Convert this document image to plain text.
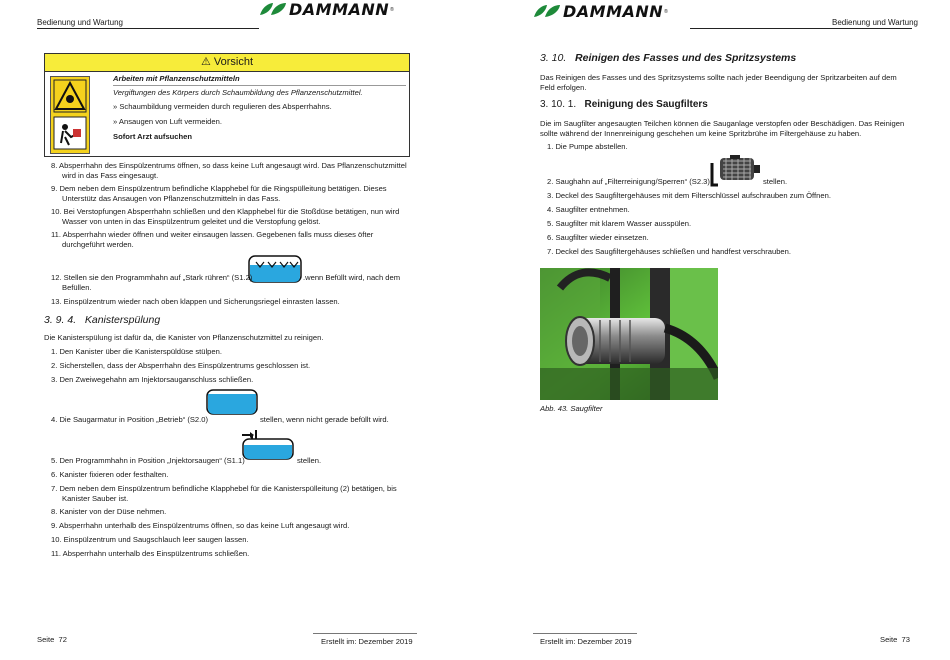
Bedienung und Wartung
DAMMANN ®
⚠ Vorsicht
Arbeiten mit Pflanzenschutzmitteln
Vergiftungen des Körpers durch Schaumbildung des Pflanzenschutzmittel.
» Schaumbildung vermeiden durch regulieren des Absperrhahns.
» Ansaugen von Luft vermeiden.
Sofort Arzt aufsuchen
8. Absperrhahn des Einspülzentrums öffnen, so dass keine Luft angesaugt wird. Das Pflanzenschutzmittel
wird in das Fass eingesaugt.
9. Dem neben dem Einspülzentrum befindliche Klapphebel für die Ringspülleitung betätigen. Dieses
Unterstütz das Ansaugen von Pflanzenschutzmitteln in das Fass.
10. Bei Verstopfungen Absperrhahn schließen und den Klapphebel für die Stoßdüse betätigen, nun wird
Wasser von unten in das Einspülzentrum geleitet und die Verstopfung gelöst.
11. Absperrhahn wieder öffnen und weiter einsaugen lassen. Gegebenen falls muss dieses öfter
durchgeführt werden.
12. Stellen sie den Programmhahn auf „Stark rühren“ (S1.2)	.wenn Befüllt wird, nach dem
Befüllen.
13. Einspülzentrum wieder nach oben klappen und Sicherungsriegel einrasten lassen.
3. 9. 4. Kanisterspülung
Die Kanisterspülung ist dafür da, die Kanister von Pflanzenschutzmittel zu reinigen.
1. Den Kanister über die Kanisterspüldüse stülpen.
2. Sicherstellen, dass der Absperrhahn des Einspülzentrums geschlossen ist.
3. Den Zweiwegehahn am Injektorsauganschluss schließen.
4. Die Saugarmatur in Position „Betrieb“ (S2.0)	stellen, wenn nicht gerade befüllt wird.
5. Den Programmhahn in Position „Injektorsaugen“ (S1.1)	stellen.
6. Kanister fixieren oder festhalten.
7. Dem neben dem Einspülzentrum befindliche Klapphebel für die Kanisterspülleitung (2) betätigen, bis
Kanister Sauber ist.
8. Kanister von der Düse nehmen.
9. Absperrhahn unterhalb des Einspülzentrums öffnen, so das keine Luft angesaugt wird.
10. Einspülzentrum und Saugschlauch leer saugen lassen.
11. Absperrhahn unterhalb des Einspülzentrums schließen.
Seite 72	Erstellt im: Dezember 2019
DAMMANN ®
Bedienung und Wartung
3. 10. Reinigen des Fasses und des Spritzsystems
Das Reinigen des Fasses und des Spritzsystems sollte nach jeder Beendigung der Spritzarbeiten auf dem
Feld erfolgen.
3. 10. 1. Reinigung des Saugfilters
Die im Saugfilter angesaugten Teilchen können die Sauganlage verstopfen oder Beschädigen. Das Reinigen
sollte während der Innenreinigung geschehen um keine Spritzbrühe im Filtergehäuse zu haben.
1. Die Pumpe abstellen.
2. Saughahn auf „Filterreinigung/Sperren“ (S2.3)	stellen.
3. Deckel des Saugfiltergehäuses mit dem Filterschlüssel aufschrauben zum Öffnen.
4. Saugfilter entnehmen.
5. Saugfilter mit klarem Wasser ausspülen.
6. Saugfilter wieder einsetzen.
7. Deckel des Saugfiltergehäuses schließen und handfest verschrauben.
Abb. 43. Saugfilter
Erstellt im: Dezember 2019	Seite 73
